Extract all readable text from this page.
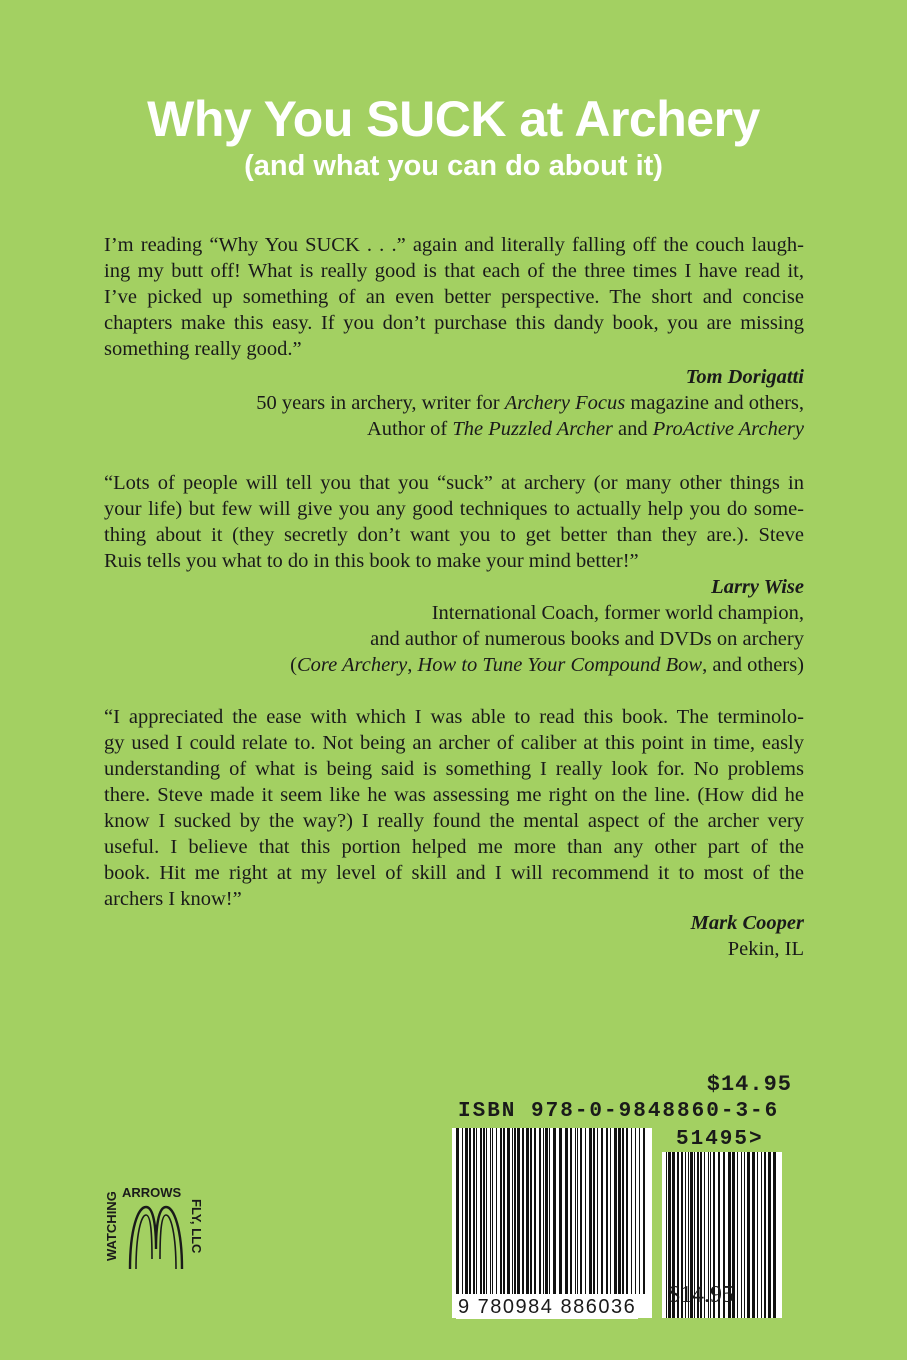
Why You SUCK at Archery
(and what you can do about it)
I’m reading “Why You SUCK . . .” again and literally falling off the couch laugh-
ing my butt off! What is really good is that each of the three times I have read it,
I’ve picked up something of an even better perspective. The short and concise
chapters make this easy. If you don’t purchase this dandy book, you are missing
something really good.”
Tom Dorigatti
50 years in archery, writer for Archery Focus magazine and others,
Author of The Puzzled Archer and ProActive Archery
“Lots of people will tell you that you “suck” at archery (or many other things in
your life) but few will give you any good techniques to actually help you do some-
thing about it (they secretly don’t want you to get better than they are.). Steve
Ruis tells you what to do in this book to make your mind better!”
Larry Wise
International Coach, former world champion,
and author of numerous books and DVDs on archery
(Core Archery, How to Tune Your Compound Bow, and others)
“I appreciated the ease with which I was able to read this book. The terminolo-
gy used I could relate to. Not being an archer of caliber at this point in time, easly
understanding of what is being said is something I really look for. No problems
there. Steve made it seem like he was assessing me right on the line. (How did he
know I sucked by the way?) I really found the mental aspect of the archer very
useful. I believe that this portion helped me more than any other part of the
book. Hit me right at my level of skill and I will recommend it to most of the
archers I know!”
Mark Cooper
Pekin, IL
WATCHING ARROWS
FLY, LLC
$14.95
ISBN 978-0-9848860-3-6
9 780984 886036
51495>
$14.95
